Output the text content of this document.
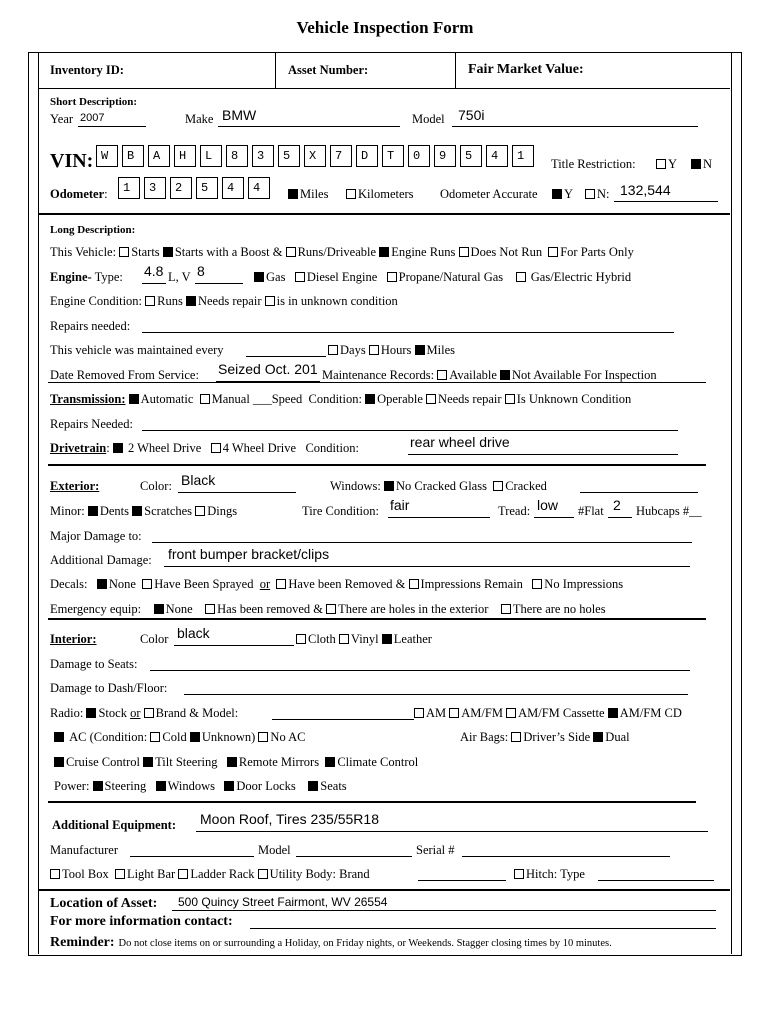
Vehicle Inspection Form
Inventory ID:	Asset Number:	Fair Market Value:
Short Description:
Year 2007	Make BMW	Model 750i
VIN: W	B	A	H	L	8	3	5	X	7	D	T	0	9	5	4	1
Title Restriction:	Y	N
Odometer:	1	3	2	5	4	4	Miles	Kilometers Odometer Accurate	Y	N: 132,544
Long Description:
This Vehicle: Starts Starts with a Boost & Runs/Driveable Engine Runs Does Not Run For Parts Only
Engine- Type: 4.8 L, V 8	Gas Diesel Engine Propane/Natural Gas Gas/Electric Hybrid
Engine Condition: Runs Needs repair is in unknown condition
Repairs needed:
This vehicle was maintained every	Days Hours Miles
Date Removed From Service: Seized Oct. 201 Maintenance Records: Available Not Available For Inspection
Transmission: Automatic Manual ___Speed Condition: Operable Needs repair Is Unknown Condition
Repairs Needed:
Drivetrain:  2 Wheel Drive 4 Wheel Drive Condition:	rear wheel drive
Exterior:	Color: Black	Windows: No Cracked Glass Cracked
Minor: Dents Scratches Dings	Tire Condition: fair	Tread: low #Flat 2 Hubcaps #__
Major Damage to:
Additional Damage: front bumper bracket/clips
Decals: None Have Been Sprayed or Have been Removed & Impressions Remain No Impressions
Emergency equip: None Has been removed & There are holes in the exterior There are no holes
Interior:	Color black	Cloth Vinyl Leather
Damage to Seats:
Damage to Dash/Floor:
Radio: Stock or Brand & Model:	AM AM/FM AM/FM Cassette AM/FM CD
AC (Condition: Cold Unknown) No AC	Air Bags: Driver’s Side Dual
Cruise Control Tilt Steering Remote Mirrors Climate Control
Power: Steering Windows Door Locks Seats
Additional Equipment: Moon Roof, Tires 235/55R18
Manufacturer	Model	Serial #
Tool Box Light Bar Ladder Rack Utility Body: Brand	Hitch: Type
Location of Asset: 500 Quincy Street Fairmont, WV 26554
For more information contact:
Reminder: Do not close items on or surrounding a Holiday, on Friday nights, or Weekends. Stagger closing times by 10 minutes.
